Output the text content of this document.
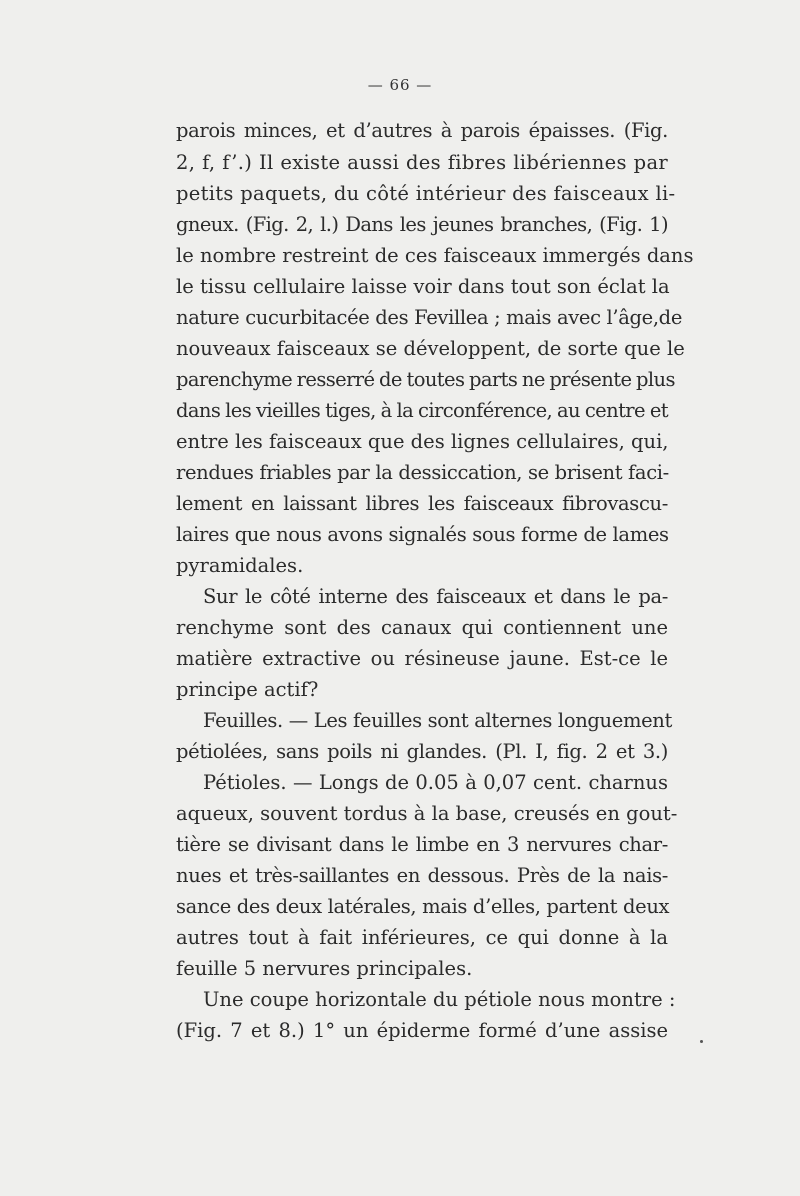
— 66 —
parois minces, et d’autres à parois épaisses. (Fig.
2, f, f’.) Il existe aussi des fibres libériennes par
petits paquets, du côté intérieur des faisceaux li-
gneux. (Fig. 2, l.) Dans les jeunes branches, (Fig. 1)
le nombre restreint de ces faisceaux immergés dans
le tissu cellulaire laisse voir dans tout son éclat la
nature cucurbitacée des Fevillea ; mais avec l’âge,de
nouveaux faisceaux se développent, de sorte que le
parenchyme resserré de toutes parts ne présente plus
dans les vieilles tiges, à la circonférence, au centre et
entre les faisceaux que des lignes cellulaires, qui,
rendues friables par la dessiccation, se brisent faci-
lement en laissant libres les faisceaux fibrovascu-
laires que nous avons signalés sous forme de lames
pyramidales.
Sur le côté interne des faisceaux et dans le pa-
renchyme sont des canaux qui contiennent une
matière extractive ou résineuse jaune. Est-ce le
principe actif?
Feuilles. — Les feuilles sont alternes longuement
pétiolées, sans poils ni glandes. (Pl. I, fig. 2 et 3.)
Pétioles. — Longs de 0.05 à 0,07 cent. charnus
aqueux, souvent tordus à la base, creusés en gout-
tière se divisant dans le limbe en 3 nervures char-
nues et très-saillantes en dessous. Près de la nais-
sance des deux latérales, mais d’elles, partent deux
autres tout à fait inférieures, ce qui donne à la
feuille 5 nervures principales.
Une coupe horizontale du pétiole nous montre :
(Fig. 7 et 8.) 1° un épiderme formé d’une assise
